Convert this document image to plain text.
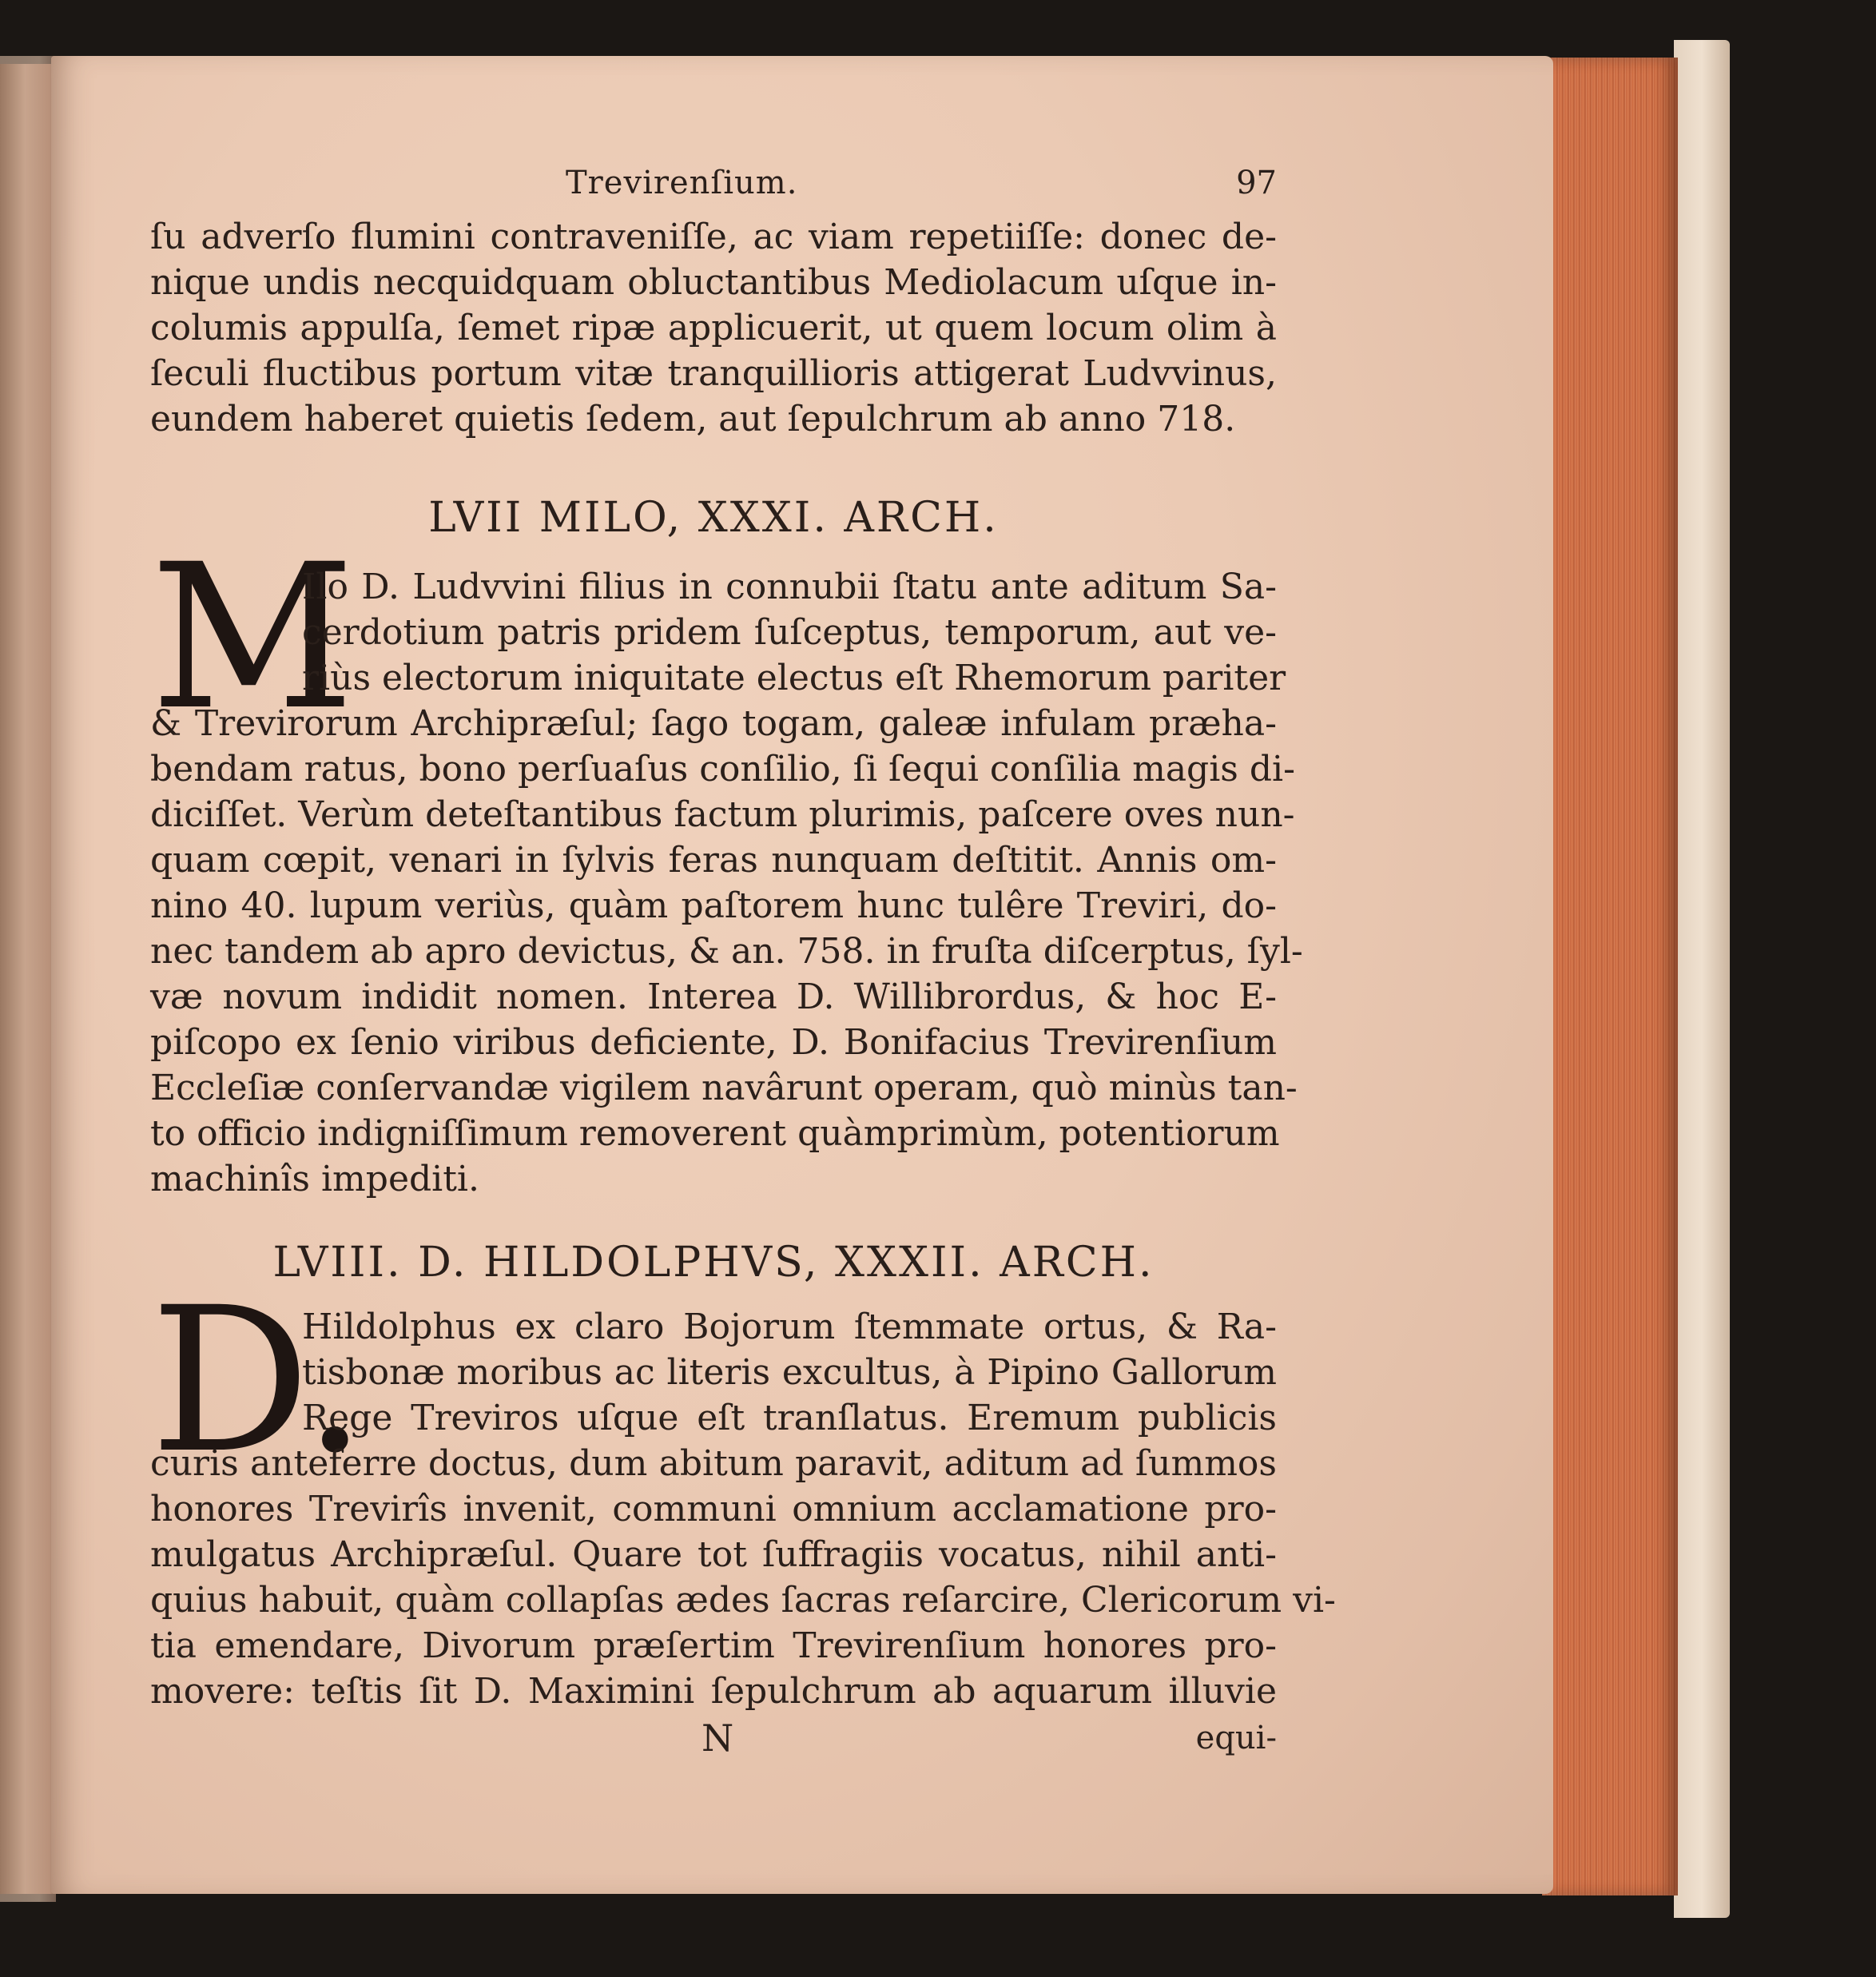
Trevirenſium.	97
ſu adverſo flumini contraveniſſe, ac viam repetiiſſe: donec de-
nique undis necquidquam obluctantibus Mediolacum uſque in-
columis appulſa, ſemet ripæ applicuerit, ut quem locum olim à
ſeculi fluctibus portum vitæ tranquillioris attigerat Ludvvinus,
eundem haberet quietis ſedem, aut ſepulchrum ab anno 718.
LVII MILO, XXXI. ARCH.
M
Ilo D. Ludvvini filius in connubii ſtatu ante aditum Sa-
cerdotium patris pridem ſuſceptus, temporum, aut ve-
riùs electorum iniquitate electus eſt Rhemorum pariter
& Trevirorum Archipræſul; ſago togam, galeæ infulam præha-
bendam ratus, bono perſuaſus conſilio, ſi ſequi conſilia magis di-
diciſſet. Verùm deteſtantibus factum plurimis, paſcere oves nun-
quam cœpit, venari in ſylvis feras nunquam deſtitit. Annis om-
nino 40. lupum veriùs, quàm paſtorem hunc tulêre Treviri, do-
nec tandem ab apro devictus, & an. 758. in fruſta diſcerptus, ſyl-
væ novum indidit nomen. Interea D. Willibrordus, & hoc E-
piſcopo ex ſenio viribus deficiente, D. Bonifacius Trevirenſium
Eccleſiæ conſervandæ vigilem navârunt operam, quò minùs tan-
to officio indigniſſimum removerent quàmprimùm, potentiorum
machinîs impediti.
LVIII. D. HILDOLPHVS, XXXII. ARCH.
D.
Hildolphus ex claro Bojorum ſtemmate ortus, & Ra-
tisbonæ moribus ac literis excultus, à Pipino Gallorum
Rege Treviros uſque eſt tranſlatus. Eremum publicis
curis anteferre doctus, dum abitum paravit, aditum ad ſummos
honores Trevirîs invenit, communi omnium acclamatione pro-
mulgatus Archipræſul. Quare tot ſuffragiis vocatus, nihil anti-
quius habuit, quàm collapſas ædes ſacras reſarcire, Clericorum vi-
tia emendare, Divorum præſertim Trevirenſium honores pro-
movere: teſtis ſit D. Maximini ſepulchrum ab aquarum illuvie
N	equi-
